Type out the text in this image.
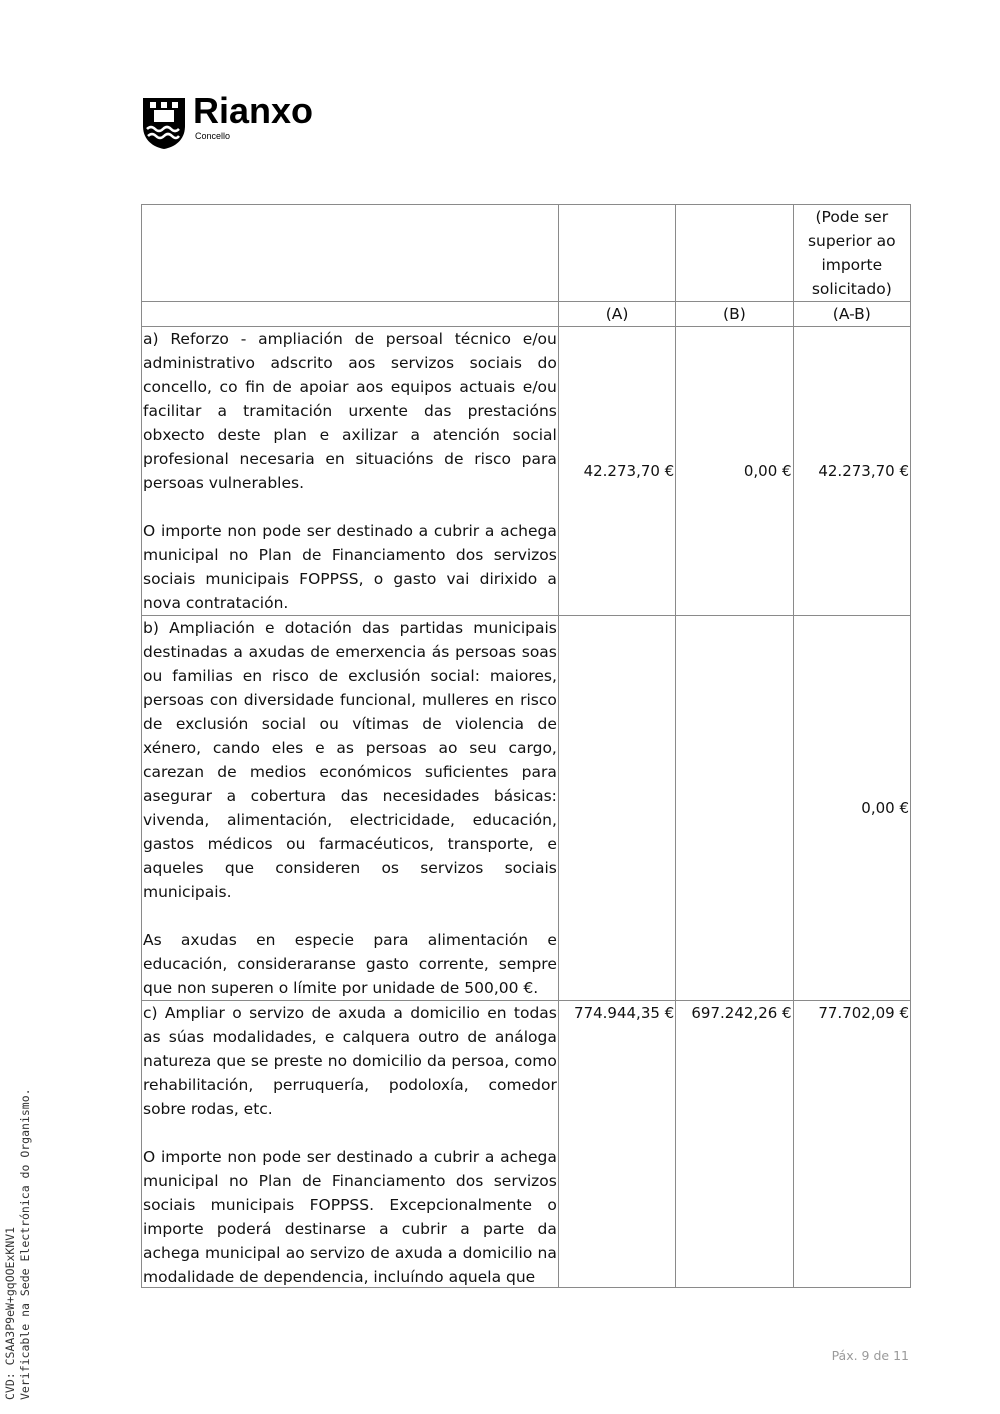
Rianxo
Concello
			(Pode ser superior ao importe solicitado)
	(A)	(B)	(A-B)

a) Reforzo - ampliación de persoal técnico e/ou administrativo adscrito aos servizos sociais do concello, co fin de apoiar aos equipos actuais e/ou facilitar a tramitación urxente das prestacións obxecto deste plan e axilizar a atención social profesional necesaria en situacións de risco para persoas vulnerables.

O importe non pode ser destinado a cubrir a achega municipal no Plan de Financiamento dos servizos sociais municipais FOPPSS, o gasto vai dirixido a nova contratación.	42.273,70 €	0,00 €	42.273,70 €

b) Ampliación e dotación das partidas municipais destinadas a axudas de emerxencia ás persoas soas ou familias en risco de exclusión social: maiores, persoas con diversidade funcional, mulleres en risco de exclusión social ou vítimas de violencia de xénero, cando eles e as persoas ao seu cargo, carezan de medios económicos suficientes para asegurar a cobertura das necesidades básicas: vivenda, alimentación, electricidade, educación, gastos médicos ou farmacéuticos, transporte, e aqueles que consideren os servizos sociais municipais.

As axudas en especie para alimentación e educación, consideraranse gasto corrente, sempre que non superen o límite por unidade de 500,00 €.			0,00 €

c) Ampliar o servizo de axuda a domicilio en todas as súas modalidades, e calquera outro de análoga natureza que se preste no domicilio da persoa, como rehabilitación, perruquería, podoloxía, comedor sobre rodas, etc.

O importe non pode ser destinado a cubrir a achega municipal no Plan de Financiamento dos servizos sociais municipais FOPPSS. Excepcionalmente o importe poderá destinarse a cubrir a parte da achega municipal ao servizo de axuda a domicilio na modalidade de dependencia, incluíndo aquela que	774.944,35 €	697.242,26 €	77.702,09 €
Páx. 9 de 11
CVD: CSAA3P9eW+gqOOExKNV1 Verificable na Sede Electrónica do Organismo.
